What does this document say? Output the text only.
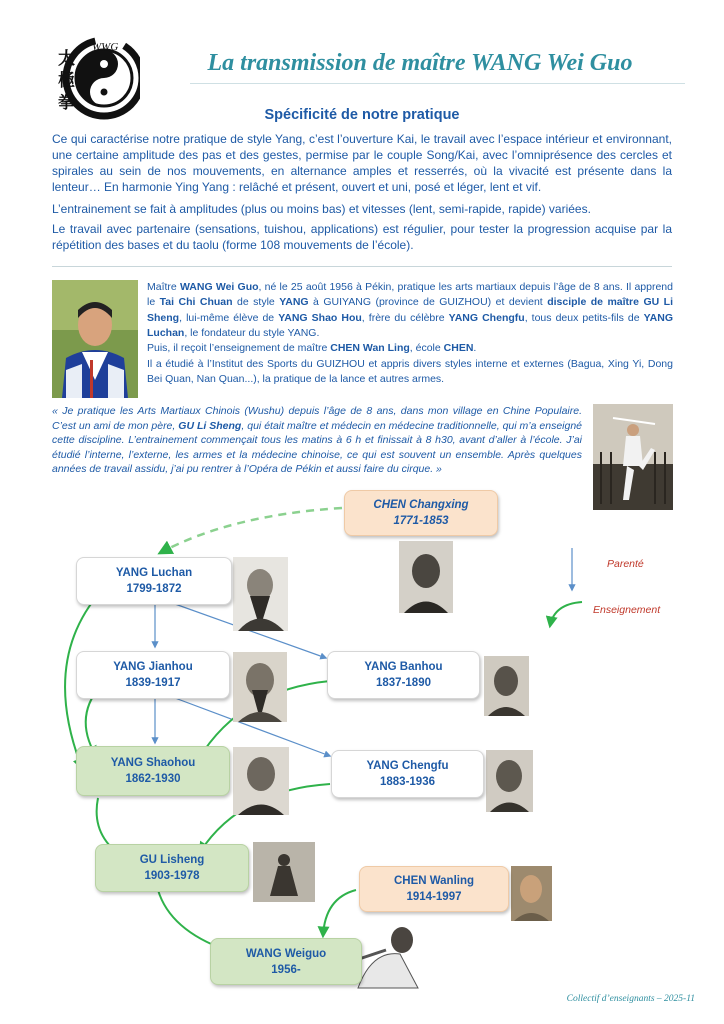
太
極
拳
WWG
La transmission de maître WANG Wei Guo
Spécificité de notre pratique
Ce qui caractérise notre pratique de style Yang, c’est l’ouverture Kai, le travail avec l’espace intérieur et environnant, une certaine amplitude des pas et des gestes, permise par le couple Song/Kai, avec l’omniprésence des cercles et spirales au sein de nos mouvements, en alternance amples et resserrés, où la vivacité est présente dans la lenteur… En harmonie Ying Yang : relâché et présent, ouvert et uni, posé et léger, lent et vif.
L’entrainement se fait à amplitudes (plus ou moins bas) et vitesses (lent, semi-rapide, rapide) variées.
Le travail avec partenaire (sensations, tuishou, applications) est régulier, pour tester la progression acquise par la répétition des bases et du taolu (forme 108 mouvements de l’école).
Maître WANG Wei Guo, né le 25 août 1956 à Pékin, pratique les arts martiaux depuis l’âge de 8 ans. Il apprend le Tai Chi Chuan de style YANG à GUIYANG (province de GUIZHOU) et devient disciple de maître GU Li Sheng, lui-même élève de YANG Shao Hou, frère du célèbre YANG Chengfu, tous deux petits-fils de YANG Luchan, le fondateur du style YANG.
Puis, il reçoit l’enseignement de maître CHEN Wan Ling, école CHEN.
Il a étudié à l’Institut des Sports du GUIZHOU et appris divers styles interne et externes (Bagua, Xing Yi, Dong Bei Quan, Nan Quan...), la pratique de la lance et autres armes.
« Je pratique les Arts Martiaux Chinois (Wushu) depuis l’âge de 8 ans, dans mon village en Chine Populaire. C’est un ami de mon père, GU Li Sheng, qui était maître et médecin en médecine traditionnelle, qui m’a enseigné cette discipline. L’entrainement commençait tous les matins à 6 h et finissait à 8 h30, avant d’aller à l’école. J’ai étudié l’interne, l’externe, les armes et la médecine chinoise, ce qui est souvent un ensemble. Après quelques années de travail assidu, j’ai pu rentrer à l’Opéra de Pékin et aussi faire du cirque. »
CHEN Changxing
1771-1853
YANG Luchan
1799-1872
YANG Jianhou
1839-1917
YANG Banhou
1837-1890
YANG Shaohou
1862-1930
YANG Chengfu
1883-1936
GU Lisheng
1903-1978	CHEN Wanling
1914-1997
WANG Weiguo
1956-
Parenté
Enseignement
Collectif d’enseignants – 2025-11
